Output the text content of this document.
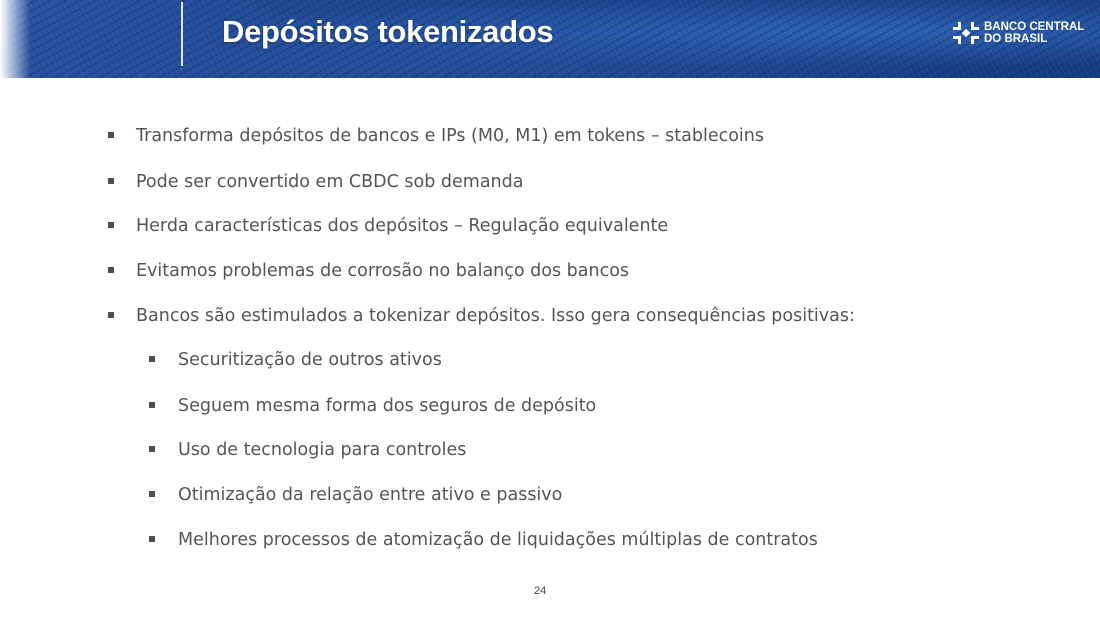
Depósitos tokenizados	BANCO CENTRAL
DO BRASIL
Transforma depósitos de bancos e IPs (M0, M1) em tokens – stablecoins
Pode ser convertido em CBDC sob demanda
Herda características dos depósitos – Regulação equivalente
Evitamos problemas de corrosão no balanço dos bancos
Bancos são estimulados a tokenizar depósitos. Isso gera consequências positivas:
Securitização de outros ativos
Seguem mesma forma dos seguros de depósito
Uso de tecnologia para controles
Otimização da relação entre ativo e passivo
Melhores processos de atomização de liquidações múltiplas de contratos
24
